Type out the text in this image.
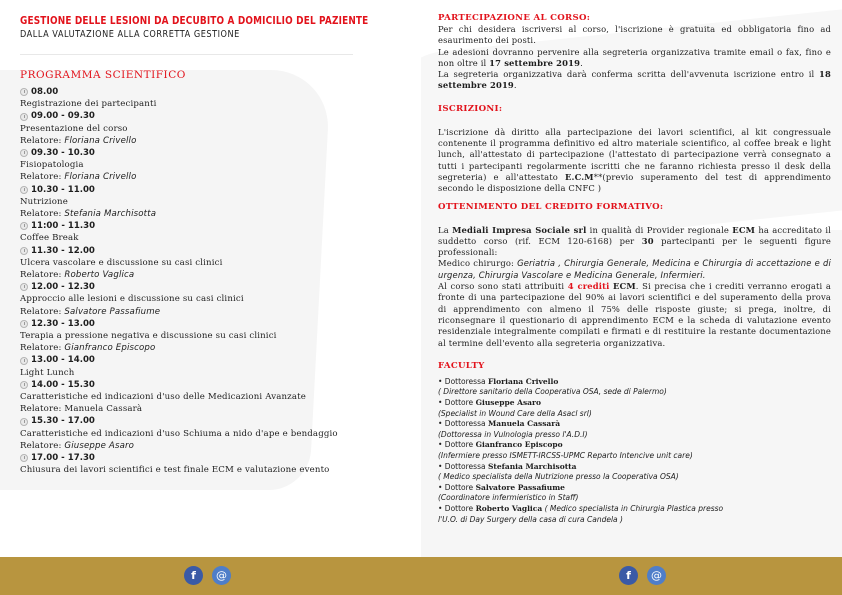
GESTIONE DELLE LESIONI DA DECUBITO A DOMICILIO DEL PAZIENTE
DALLA VALUTAZIONE ALLA CORRETTA GESTIONE
PROGRAMMA SCIENTIFICO
08.00
Registrazione dei partecipanti
09.00 - 09.30
Presentazione del corso
Relatore: Floriana Crivello
09.30 - 10.30
Fisiopatologia
Relatore: Floriana Crivello
10.30 - 11.00
Nutrizione
Relatore: Stefania Marchisotta
11:00 - 11.30
Coffee Break
11.30 - 12.00
Ulcera vascolare e discussione su casi clinici
Relatore: Roberto Vaglica
12.00 - 12.30
Approccio alle lesioni e discussione su casi clinici
Relatore: Salvatore Passafiume
12.30 - 13.00
Terapia a pressione negativa e discussione su casi clinici
Relatore: Gianfranco Episcopo
13.00 - 14.00
Light Lunch
14.00 - 15.30
Caratteristiche ed indicazioni d'uso delle Medicazioni Avanzate
Relatore: Manuela Cassarà
15.30 - 17.00
Caratteristiche ed indicazioni d'uso Schiuma a nido d'ape e bendaggio
Relatore: Giuseppe Asaro
17.00 - 17.30
Chiusura dei lavori scientifici e test finale ECM e valutazione evento
PARTECIPAZIONE AL CORSO:
Per chi desidera iscriversi al corso, l'iscrizione è gratuita ed obbligatoria fino ad esaurimento dei posti.
Le adesioni dovranno pervenire alla segreteria organizzativa tramite email o fax, fino e non oltre il 17 settembre 2019.
La segreteria organizzativa darà conferma scritta dell'avvenuta iscrizione entro il 18 settembre 2019.
ISCRIZIONI:
L'iscrizione dà diritto alla partecipazione dei lavori scientifici, al kit congressuale contenente il programma definitivo ed altro materiale scientifico, al coffee break e light lunch, all'attestato di partecipazione (l'attestato di partecipazione verrà consegnato a tutti i partecipanti regolarmente iscritti che ne faranno richiesta presso il desk della segreteria) e all'attestato E.C.M**(previo superamento del test di apprendimento secondo le disposizione della CNFC )
OTTENIMENTO DEL CREDITO FORMATIVO:
La Mediali Impresa Sociale srl in qualità di Provider regionale ECM ha accreditato il suddetto corso (rif. ECM 120-6168) per 30 partecipanti per le seguenti figure professionali:
Medico chirurgo: Geriatria , Chirurgia Generale, Medicina e Chirurgia di accettazione e di urgenza, Chirurgia Vascolare e Medicina Generale, Infermieri.
Al corso sono stati attribuiti 4 crediti ECM. Si precisa che i crediti verranno erogati a fronte di una partecipazione del 90% ai lavori scientifici e del superamento della prova di apprendimento con almeno il 75% delle risposte giuste; si prega, inoltre, di riconsegnare il questionario di apprendimento ECM e la scheda di valutazione evento residenziale integralmente compilati e firmati e di restituire la restante documentazione al termine dell'evento alla segreteria organizzativa.
FACULTY
• Dottoressa Floriana Crivello
( Direttore sanitario della Cooperativa OSA, sede di Palermo)
• Dottore Giuseppe Asaro
(Specialist in Wound Care della Asacl srl)
• Dottoressa Manuela Cassarà
(Dottoressa in Vulnologia presso l'A.D.I)
• Dottore Gianfranco Episcopo
(Infermiere presso ISMETT-IRCSS-UPMC Reparto Intencive unit care)
• Dottoressa Stefania Marchisotta
( Medico specialista della Nutrizione presso la Cooperativa OSA)
• Dottore Salvatore Passafiume
(Coordinatore infermieristico in Staff)
• Dottore Roberto Vaglica ( Medico specialista in Chirurgia Plastica presso
l'U.O. di Day Surgery della casa di cura Candela )
f	@	f	@
